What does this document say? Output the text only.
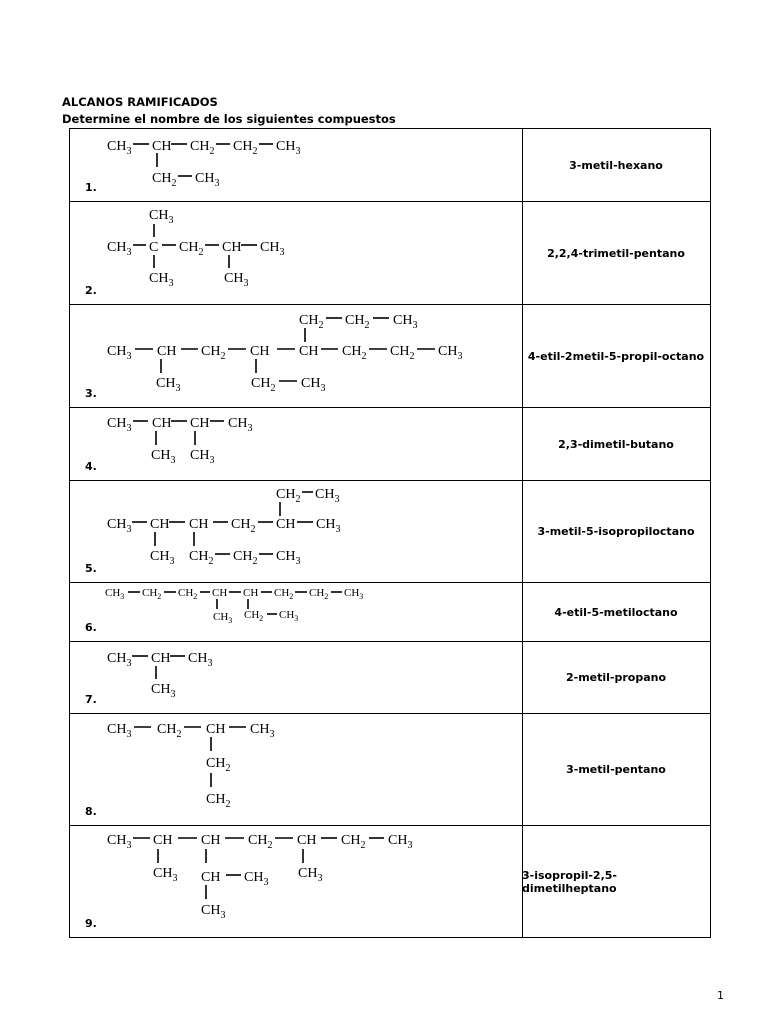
ALCANOS RAMIFICADOS
Determine el nombre de los siguientes compuestos
$CH_3$ CH $CH_2$ $CH_2$ $CH_3$
$CH_2$ $CH_3$
1.
3-metil-hexano
$CH_3$
$CH_3$ C $CH_2$ CH $CH_3$
$CH_3$	$CH_3$
2.
2,2,4-trimetil-pentano
$CH_2$ $CH_2$ $CH_3$
$CH_3$ CH $CH_2$ CH CH $CH_2$ $CH_2$ $CH_3$
$CH_3$	$CH_2$ $CH_3$
3.
4-etil-2metil-5-propil-octano
$CH_3$ CH CH $CH_3$
$CH_3$ $CH_3$
4.
2,3-dimetil-butano
$CH_2$ $CH_3$
$CH_3$ CH CH $CH_2$ CH $CH_3$
$CH_3$ $CH_2$ $CH_2$ $CH_3$
5.
3-metil-5-isopropiloctano
$CH_3$ $CH_2$ $CH_2$ CH CH $CH_2$ $CH_2$ $CH_3$
$CH_3$ $CH_2$ $CH_3$
6.
4-etil-5-metiloctano
$CH_3$ CH $CH_3$
$CH_3$
7.
2-metil-propano
$CH_3$ $CH_2$ CH $CH_3$
$CH_2$
$CH_2$
8.
3-metil-pentano
$CH_3$ CH CH $CH_2$ CH $CH_2$ $CH_3$
$CH_3$ CH $CH_3$
$CH_3$
$CH_3$
9.
3-isopropil-2,5-dimetilheptano
1
